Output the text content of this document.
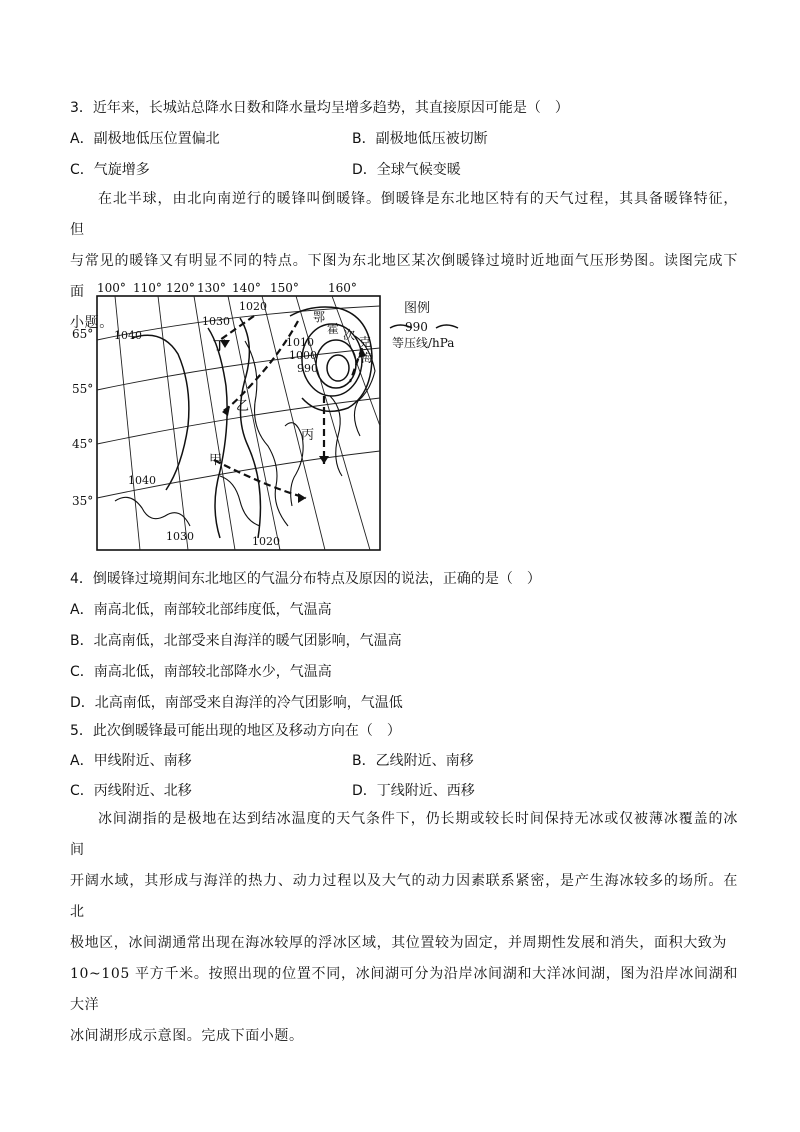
3．近年来，长城站总降水日数和降水量均呈增多趋势，其直接原因可能是（　）
A．副极地低压位置偏北	B．副极地低压被切断
C．气旋增多	D．全球气候变暖
在北半球，由北向南逆行的暖锋叫倒暖锋。倒暖锋是东北地区特有的天气过程，其具备暖锋特征，但
与常见的暖锋又有明显不同的特点。下图为东北地区某次倒暖锋过境时近地面气压形势图。读图完成下面
小题。
100° 110° 120° 130° 140° 150° 160°
65°
55°
45°
35°
丁
乙
丙
甲
1020
1030
1040
1010
1000
990
1040
1030	1020
鄂
霍 次 克
海
图例
990
等压线/hPa
4．倒暖锋过境期间东北地区的气温分布特点及原因的说法，正确的是（　）
A．南高北低，南部较北部纬度低，气温高
B．北高南低，北部受来自海洋的暖气团影响，气温高
C．南高北低，南部较北部降水少，气温高
D．北高南低，南部受来自海洋的冷气团影响，气温低
5．此次倒暖锋最可能出现的地区及移动方向在（　）
A．甲线附近、南移	B．乙线附近、南移
C．丙线附近、北移	D．丁线附近、西移
冰间湖指的是极地在达到结冰温度的天气条件下，仍长期或较长时间保持无冰或仅被薄冰覆盖的冰间
开阔水域，其形成与海洋的热力、动力过程以及大气的动力因素联系紧密，是产生海冰较多的场所。在北
极地区，冰间湖通常出现在海冰较厚的浮冰区域，其位置较为固定，并周期性发展和消失，面积大致为
10~105 平方千米。按照出现的位置不同，冰间湖可分为沿岸冰间湖和大洋冰间湖，图为沿岸冰间湖和大洋
冰间湖形成示意图。完成下面小题。
